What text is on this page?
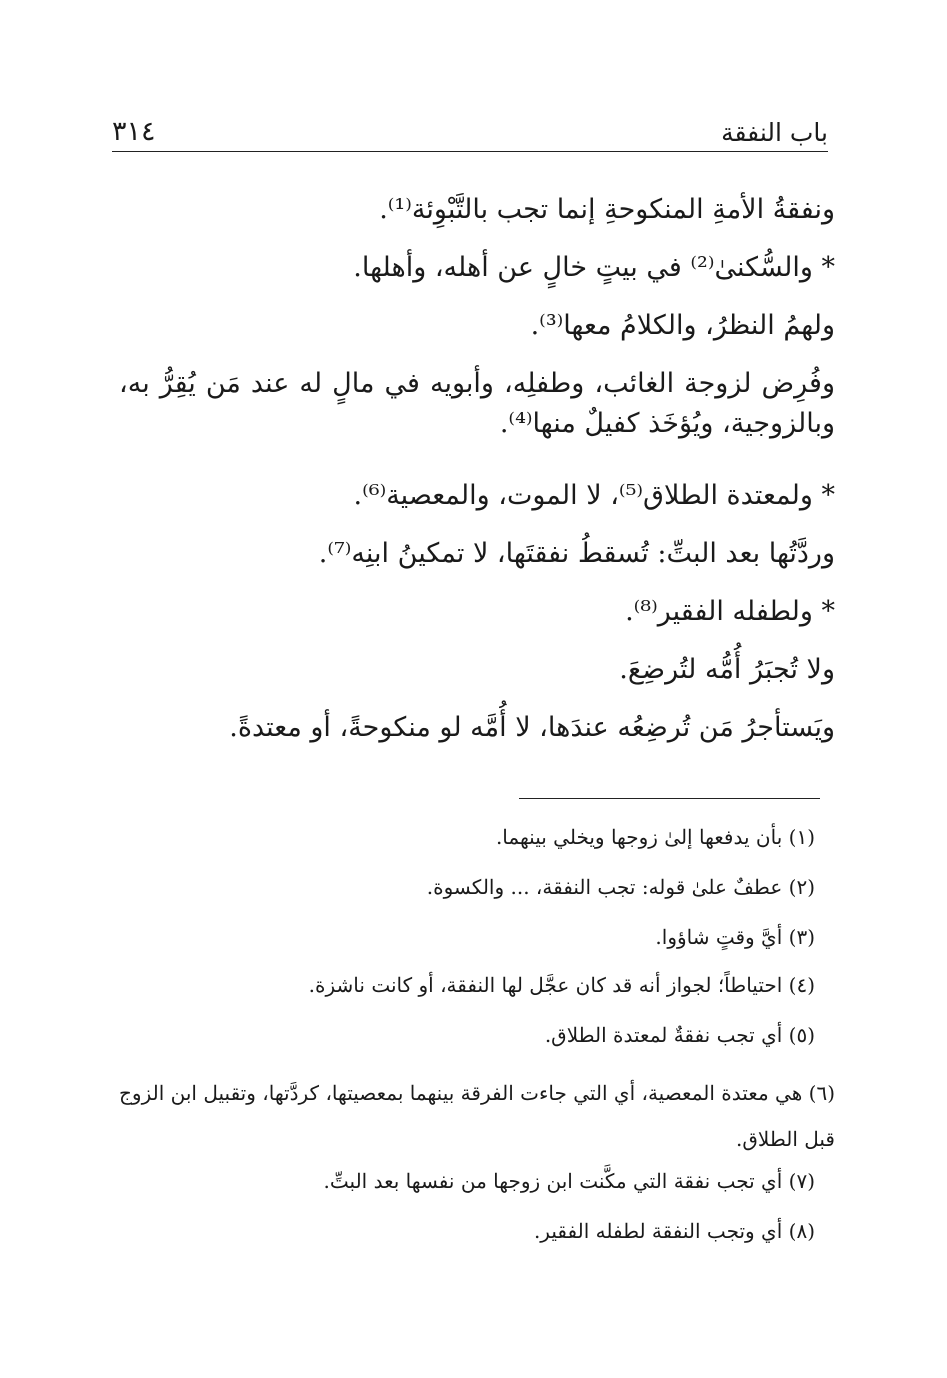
٣١٤	باب النفقة
ونفقةُ الأمةِ المنكوحةِ إنما تجب بالتَّبْوِئة⁽¹⁾.
* والسُّكنىٰ⁽²⁾ في بيتٍ خالٍ عن أهله، وأهلها.
ولهمُ النظرُ، والكلامُ معها⁽³⁾.
وفُرِض لزوجة الغائب، وطفلِه، وأبويه في مالٍ له عند مَن يُقِرُّ به، وبالزوجية، ويُؤخَذ كفيلٌ منها⁽⁴⁾.
* ولمعتدة الطلاق⁽⁵⁾، لا الموت، والمعصية⁽⁶⁾.
وردَّتُها بعد البتِّ: تُسقطُ نفقتَها، لا تمكينُ ابنِه⁽⁷⁾.
* ولطفله الفقير⁽⁸⁾.
ولا تُجبَرُ أُمُّه لتُرضِعَ.
ويَستأجرُ مَن تُرضِعُه عندَها، لا أُمَّه لو منكوحةً، أو معتدةً.
(١) بأن يدفعها إلىٰ زوجها ويخلي بينهما.
(٢) عطفٌ علىٰ قوله: تجب النفقة، ... والكسوة.
(٣) أيَّ وقتٍ شاؤوا.
(٤) احتياطاً؛ لجواز أنه قد كان عجَّل لها النفقة، أو كانت ناشزة.
(٥) أي تجب نفقةٌ لمعتدة الطلاق.
(٦) هي معتدة المعصية، أي التي جاءت الفرقة بينهما بمعصيتها، كردَّتها، وتقبيل ابن الزوج قبل الطلاق.
(٧) أي تجب نفقة التي مكَّنت ابن زوجها من نفسها بعد البتِّ.
(٨) أي وتجب النفقة لطفله الفقير.
